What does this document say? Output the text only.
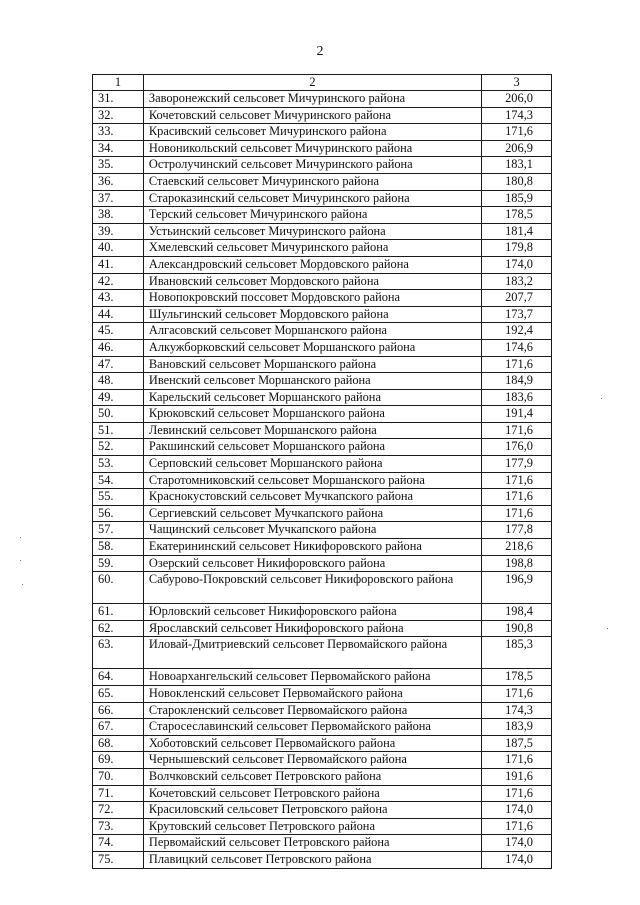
2
1	2	3
31.	Заворонежский сельсовет Мичуринского района	206,0
32.	Кочетовский сельсовет Мичуринского района	174,3
33.	Красивский сельсовет Мичуринского района	171,6
34.	Новоникольский сельсовет Мичуринского района	206,9
35.	Остролучинский сельсовет Мичуринского района	183,1
36.	Стаевский сельсовет Мичуринского района	180,8
37.	Староказинский сельсовет Мичуринского района	185,9
38.	Терский сельсовет Мичуринского района	178,5
39.	Устьинский сельсовет Мичуринского района	181,4
40.	Хмелевский сельсовет Мичуринского района	179,8
41.	Александровский сельсовет Мордовского района	174,0
42.	Ивановский сельсовет Мордовского района	183,2
43.	Новопокровский поссовет Мордовского района	207,7
44.	Шульгинский сельсовет Мордовского района	173,7
45.	Алгасовский сельсовет Моршанского района	192,4
46.	Алкужборковский сельсовет Моршанского района	174,6
47.	Вановский сельсовет Моршанского района	171,6
48.	Ивенский сельсовет Моршанского района	184,9
49.	Карельский сельсовет Моршанского района	183,6
50.	Крюковский сельсовет Моршанского района	191,4
51.	Левинский сельсовет Моршанского района	171,6
52.	Ракшинский сельсовет Моршанского района	176,0
53.	Серповский сельсовет Моршанского района	177,9
54.	Старотомниковский сельсовет Моршанского района	171,6
55.	Краснокустовский сельсовет Мучкапского района	171,6
56.	Сергиевский сельсовет Мучкапского района	171,6
57.	Чащинский сельсовет Мучкапского района	177,8
58.	Екатерининский сельсовет Никифоровского района	218,6
59.	Озерский сельсовет Никифоровского района	198,8
60.	Сабурово-Покровский сельсовет Никифоровского района	196,9
61.	Юрловский сельсовет Никифоровского района	198,4
62.	Ярославский сельсовет Никифоровского района	190,8
63.	Иловай-Дмитриевский сельсовет Первомайского района	185,3
64.	Новоархангельский сельсовет Первомайского района	178,5
65.	Новокленский сельсовет Первомайского района	171,6
66.	Старокленский сельсовет Первомайского района	174,3
67.	Старосеславинский сельсовет Первомайского района	183,9
68.	Хоботовский сельсовет Первомайского района	187,5
69.	Чернышевский сельсовет Первомайского района	171,6
70.	Волчковский сельсовет Петровского района	191,6
71.	Кочетовский сельсовет Петровского района	171,6
72.	Красиловский сельсовет Петровского района	174,0
73.	Крутовский сельсовет Петровского района	171,6
74.	Первомайский сельсовет Петровского района	174,0
75.	Плавицкий сельсовет Петровского района	174,0
